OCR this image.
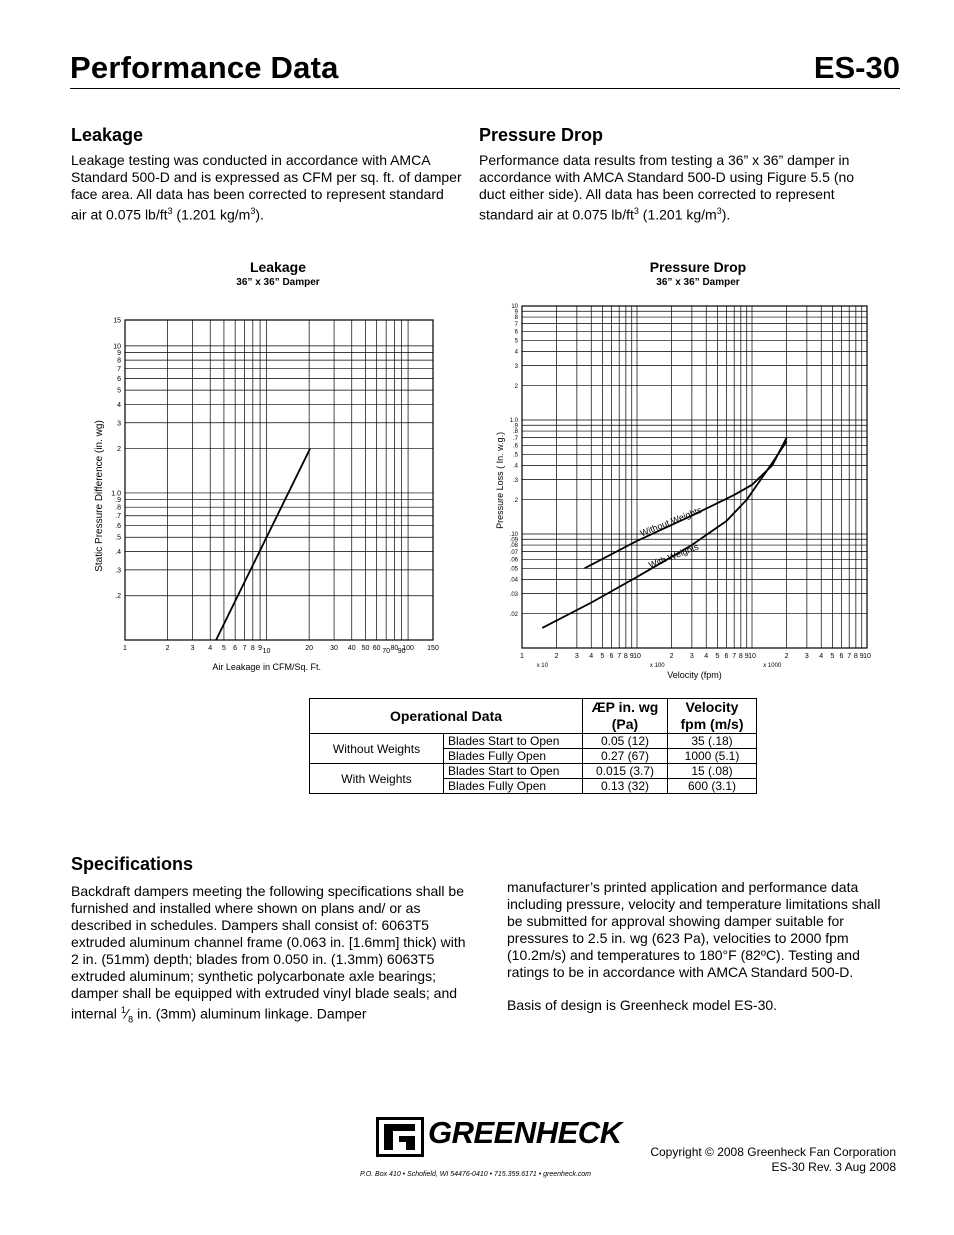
Performance Data	ES-30
Leakage
Leakage testing was conducted in accordance with AMCA Standard 500-D and is expressed as CFM per sq. ft. of damper face area. All data has been corrected to represent standard air at 0.075 $lb/ft^3$ (1.201 $kg/m^3$).
Pressure Drop
Performance data results from testing a 36” x 36” damper in accordance with AMCA Standard 500-D using Figure 5.5 (no duct either side). All data has been corrected to represent standard air at 0.075 $lb/ft^3$ (1.201 $kg/m^3$).
Leakage
36” x 36” Damper
1	2	3 4 5 6 7 8 9 10	20 30 40 50 60 70 80 90
100 150
15
10
9
8
7
6
5
4
3
2
1.0
.9
.8
.7
.6
.5
.4
.3
.2
Air Leakage in CFM/Sq. Ft.
Static Pressure Difference (in. wg)
Pressure Drop
36” x 36” Damper
1	2 3 4 5 6 7 8 9 10	2 3 4 5 6 7 8 9 10	2 3 4 5 6 7 8 9 10
x 10	x 100	x 1000
10
9
8
7
6
5
4
3
2
1.0
.9
.8
.7
.6
.5
.4
.3
.2
.10
.09
.08
.07
.06
.05
.04
.03
.02
Without Weights
With Weights
Velocity (fpm)
Pressure Loss ( In. w.g.)
Operational Data		ÆP in. wg (Pa)	Velocity fpm (m/s)
Without Weights	Blades Start to Open	0.05 (12)	35 (.18)
	Blades Fully Open	0.27 (67)	1000 (5.1)
With Weights	Blades Start to Open	0.015 (3.7)	15 (.08)
	Blades Fully Open	0.13 (32)	600 (3.1)
Specifications
Backdraft dampers meeting the following specifications shall be furnished and installed where shown on plans and/ or as described in schedules. Dampers shall consist of: 6063T5 extruded aluminum channel frame (0.063 in. [1.6mm] thick) with 2 in. (51mm) depth; blades from 0.050 in. (1.3mm) 6063T5 extruded aluminum; synthetic polycarbonate axle bearings; damper shall be equipped with extruded vinyl blade seals; and internal $^1⁄_8$ in. (3mm) aluminum linkage. Damper
manufacturer’s printed application and performance data including pressure, velocity and temperature limitations shall be submitted for approval showing damper suitable for pressures to 2.5 in. wg (623 Pa), velocities to 2000 fpm (10.2m/s) and temperatures to 180°F (82ºC). Testing and ratings to be in accordance with AMCA Standard 500-D.
Basis of design is Greenheck model ES-30.
GREENHECK
P.O. Box 410 • Schofield, WI 54476-0410 • 715.359.6171 • greenheck.com
Copyright © 2008 Greenheck Fan Corporation
ES-30 Rev. 3 Aug 2008
